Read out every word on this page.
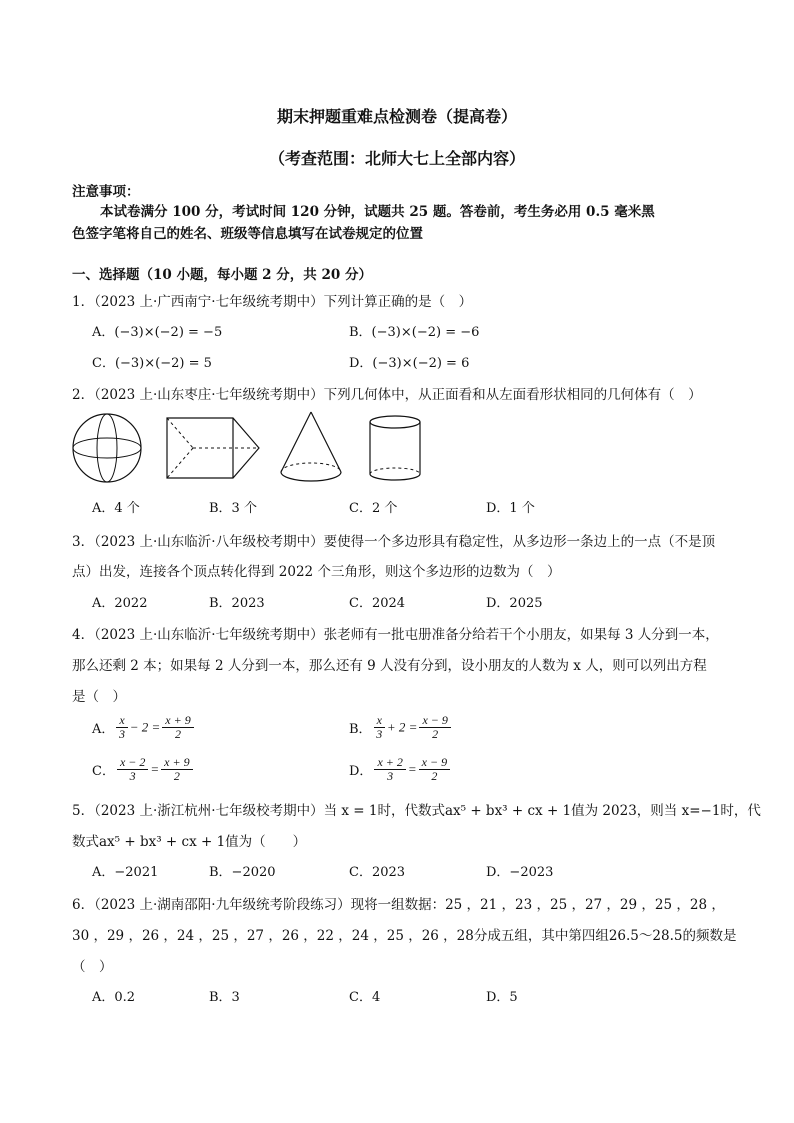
期末押题重难点检测卷（提高卷）
（考查范围：北师大七上全部内容）
注意事项：
本试卷满分 100 分，考试时间 120 分钟，试题共 25 题。答卷前，考生务必用 0.5 毫米黑
色签字笔将自己的姓名、班级等信息填写在试卷规定的位置
一、选择题（10 小题，每小题 2 分，共 20 分）
1．（2023 上·广西南宁·七年级统考期中）下列计算正确的是（　）
A．(−3)×(−2) = −5	B．(−3)×(−2) = −6
C．(−3)×(−2) = 5	D．(−3)×(−2) = 6
2．（2023 上·山东枣庄·七年级统考期中）下列几何体中，从正面看和从左面看形状相同的几何体有（　）
A．4 个	B．3 个	C．2 个	D．1 个
3．（2023 上·山东临沂·八年级校考期中）要使得一个多边形具有稳定性，从多边形一条边上的一点（不是顶
点）出发，连接各个顶点转化得到 2022 个三角形，则这个多边形的边数为（　）
A．2022	B．2023	C．2024	D．2025
4．（2023 上·山东临沂·七年级统考期中）张老师有一批屯册准备分给若干个小朋友，如果每 3 人分到一本，
那么还剩 2 本；如果每 2 人分到一本，那么还有 9 人没有分到，设小朋友的人数为 x 人，则可以列出方程
是（　）
A． $\frac{x}{3} - 2 = \frac{x + 9}{2}$	B． $\frac{x}{3} + 2 = \frac{x - 9}{2}$
C． $\frac{x - 2}{3} = \frac{x + 9}{2}$	D． $\frac{x + 2}{3} = \frac{x - 9}{2}$
5．（2023 上·浙江杭州·七年级校考期中）当 x = 1时，代数式ax⁵ + bx³ + cx + 1值为 2023，则当 x=−1时，代
数式ax⁵ + bx³ + cx + 1值为（　　）
A．−2021	B．−2020	C．2023	D．−2023
6．（2023 上·湖南邵阳·九年级统考阶段练习）现将一组数据：25 ，21 ，23 ，25 ，27 ，29 ，25 ，28 ，
30 ，29 ，26 ，24 ，25 ，27 ，26 ，22 ，24 ，25 ，26 ，28分成五组，其中第四组26.5～28.5的频数是
（　）
A．0.2	B．3	C．4	D．5
